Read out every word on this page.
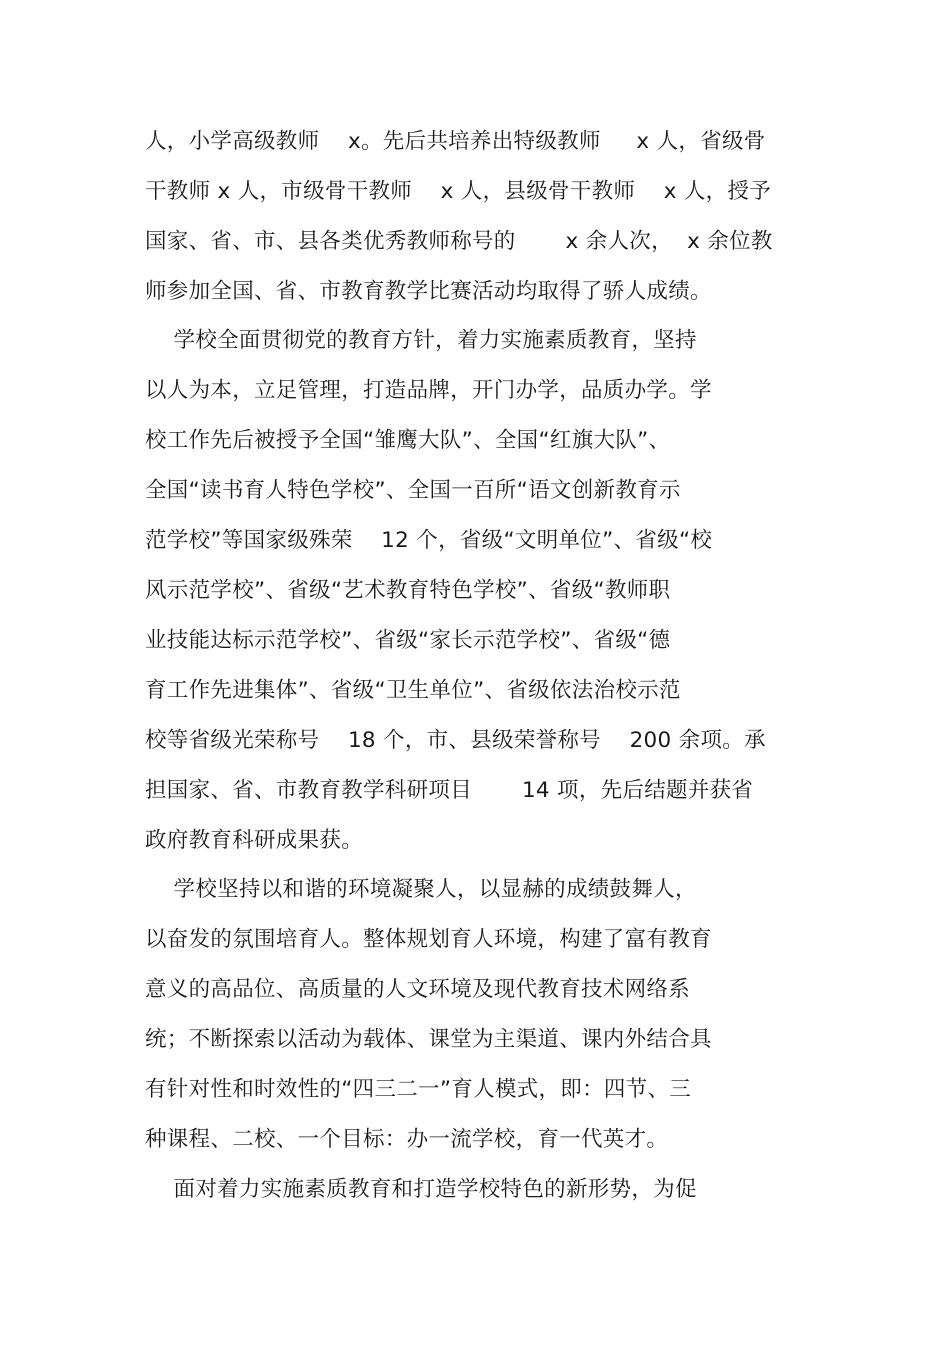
人，小学高级教师    x。先后共培养出特级教师     x 人，省级骨
干教师 x 人，市级骨干教师    x 人，县级骨干教师    x 人，授予
国家、省、市、县各类优秀教师称号的       x 余人次，  x 余位教
师参加全国、省、市教育教学比赛活动均取得了骄人成绩。
学校全面贯彻党的教育方针，着力实施素质教育，坚持
以人为本，立足管理，打造品牌，开门办学，品质办学。学
校工作先后被授予全国“雏鹰大队”、全国“红旗大队”、
全国“读书育人特色学校”、全国一百所“语文创新教育示
范学校”等国家级殊荣    12 个，省级“文明单位”、省级“校
风示范学校”、省级“艺术教育特色学校”、省级“教师职
业技能达标示范学校”、省级“家长示范学校”、省级“德
育工作先进集体”、省级“卫生单位”、省级依法治校示范
校等省级光荣称号    18 个，市、县级荣誉称号    200 余项。承
担国家、省、市教育教学科研项目       14 项，先后结题并获省
政府教育科研成果获。
学校坚持以和谐的环境凝聚人，以显赫的成绩鼓舞人，
以奋发的氛围培育人。整体规划育人环境，构建了富有教育
意义的高品位、高质量的人文环境及现代教育技术网络系
统；不断探索以活动为载体、课堂为主渠道、课内外结合具
有针对性和时效性的“四三二一”育人模式，即：四节、三
种课程、二校、一个目标：办一流学校，育一代英才。
面对着力实施素质教育和打造学校特色的新形势，为促
